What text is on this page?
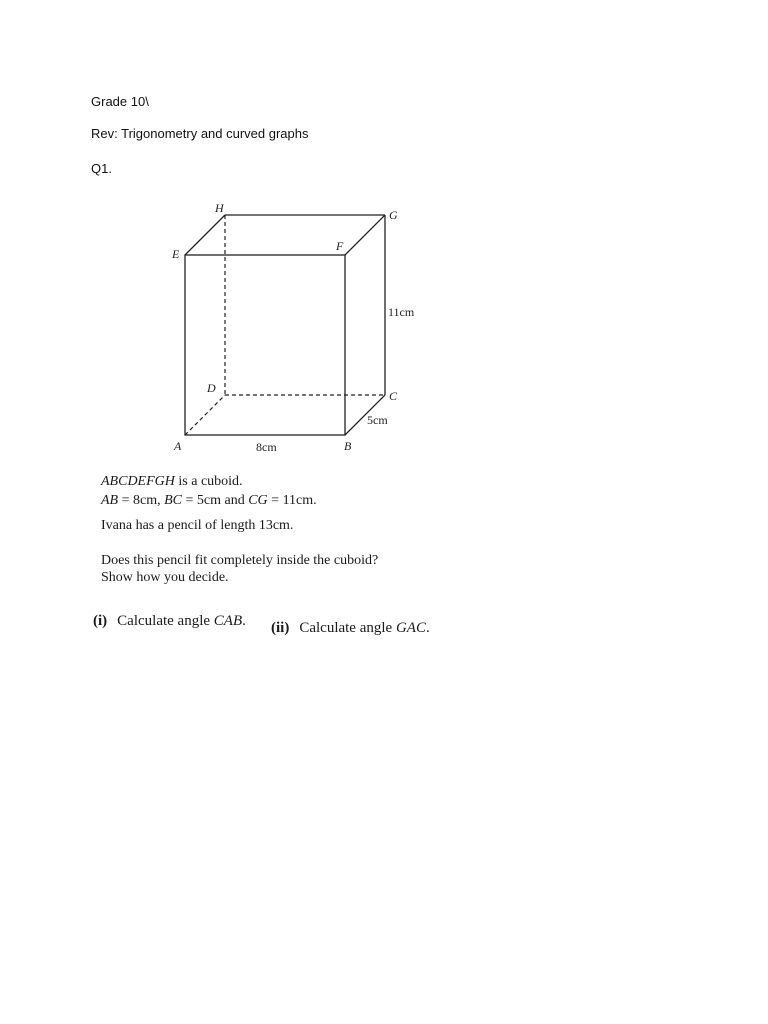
Grade 10\
Rev: Trigonometry and curved graphs
Q1.
H	G
E
F
D
C
A	B
8cm
5cm
11cm
ABCDEFGH is a cuboid.
AB = 8cm, BC = 5cm and CG = 11cm.
Ivana has a pencil of length 13cm.
Does this pencil fit completely inside the cuboid?
Show how you decide.
(i) Calculate angle CAB. (ii) Calculate angle GAC.
